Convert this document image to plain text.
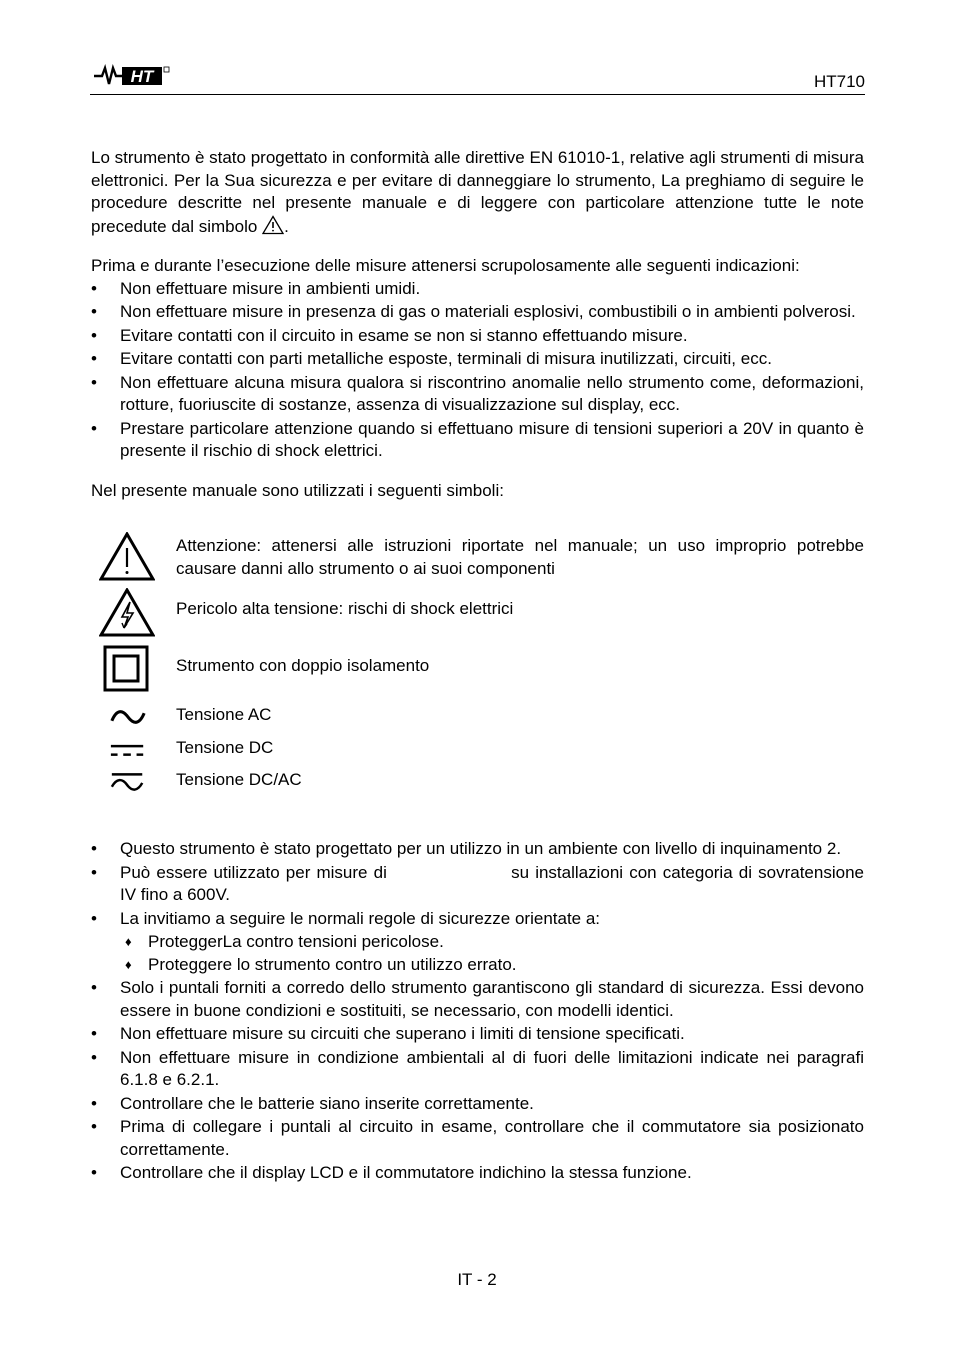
HT	HT710

Lo strumento è stato progettato in conformità alle direttive EN 61010-1, relative agli strumenti di misura elettronici. Per la Sua sicurezza e per evitare di danneggiare lo strumento, La preghiamo di seguire le procedure descritte nel presente manuale e di leggere con particolare attenzione tutte le note precedute dal simbolo .

Prima e durante l’esecuzione delle misure attenersi scrupolosamente alle seguenti indicazioni:

•	Non effettuare misure in ambienti umidi.
•	Non effettuare misure in presenza di gas o materiali esplosivi, combustibili o in ambienti polverosi.
•	Evitare contatti con il circuito in esame se non si stanno effettuando misure.
•	Evitare contatti con parti metalliche esposte, terminali di misura inutilizzati, circuiti, ecc.
•	Non effettuare alcuna misura qualora si riscontrino anomalie nello strumento come, deformazioni, rotture, fuoriuscite di sostanze, assenza di visualizzazione sul display, ecc.
•	Prestare particolare attenzione quando si effettuano misure di tensioni superiori a 20V in quanto è presente il rischio di shock elettrici.

Nel presente manuale sono utilizzati i seguenti simboli:

Attenzione: attenersi alle istruzioni riportate nel manuale; un uso improprio potrebbe causare danni allo strumento o ai suoi componenti
Pericolo alta tensione: rischi di shock elettrici
Strumento con doppio isolamento
Tensione AC
Tensione DC
Tensione DC/AC
•	Questo strumento è stato progettato per un utilizzo in un ambiente con livello di inquinamento 2.
•	Può essere utilizzato per misure di	su installazioni con categoria di sovratensione IV fino a 600V.
•	La invitiamo a seguire le normali regole di sicurezze orientate a:
♦ ProteggerLa contro tensioni pericolose.
♦ Proteggere lo strumento contro un utilizzo errato.
•	Solo i puntali forniti a corredo dello strumento garantiscono gli standard di sicurezza. Essi devono essere in buone condizioni e sostituiti, se necessario, con modelli identici.
•	Non effettuare misure su circuiti che superano i limiti di tensione specificati.
•	Non effettuare misure in condizione ambientali al di fuori delle limitazioni indicate nei paragrafi 6.1.8 e 6.2.1.
•	Controllare che le batterie siano inserite correttamente.
•	Prima di collegare i puntali al circuito in esame, controllare che il commutatore sia posizionato correttamente.
•	Controllare che il display LCD e il commutatore indichino la stessa funzione.
IT - 2
